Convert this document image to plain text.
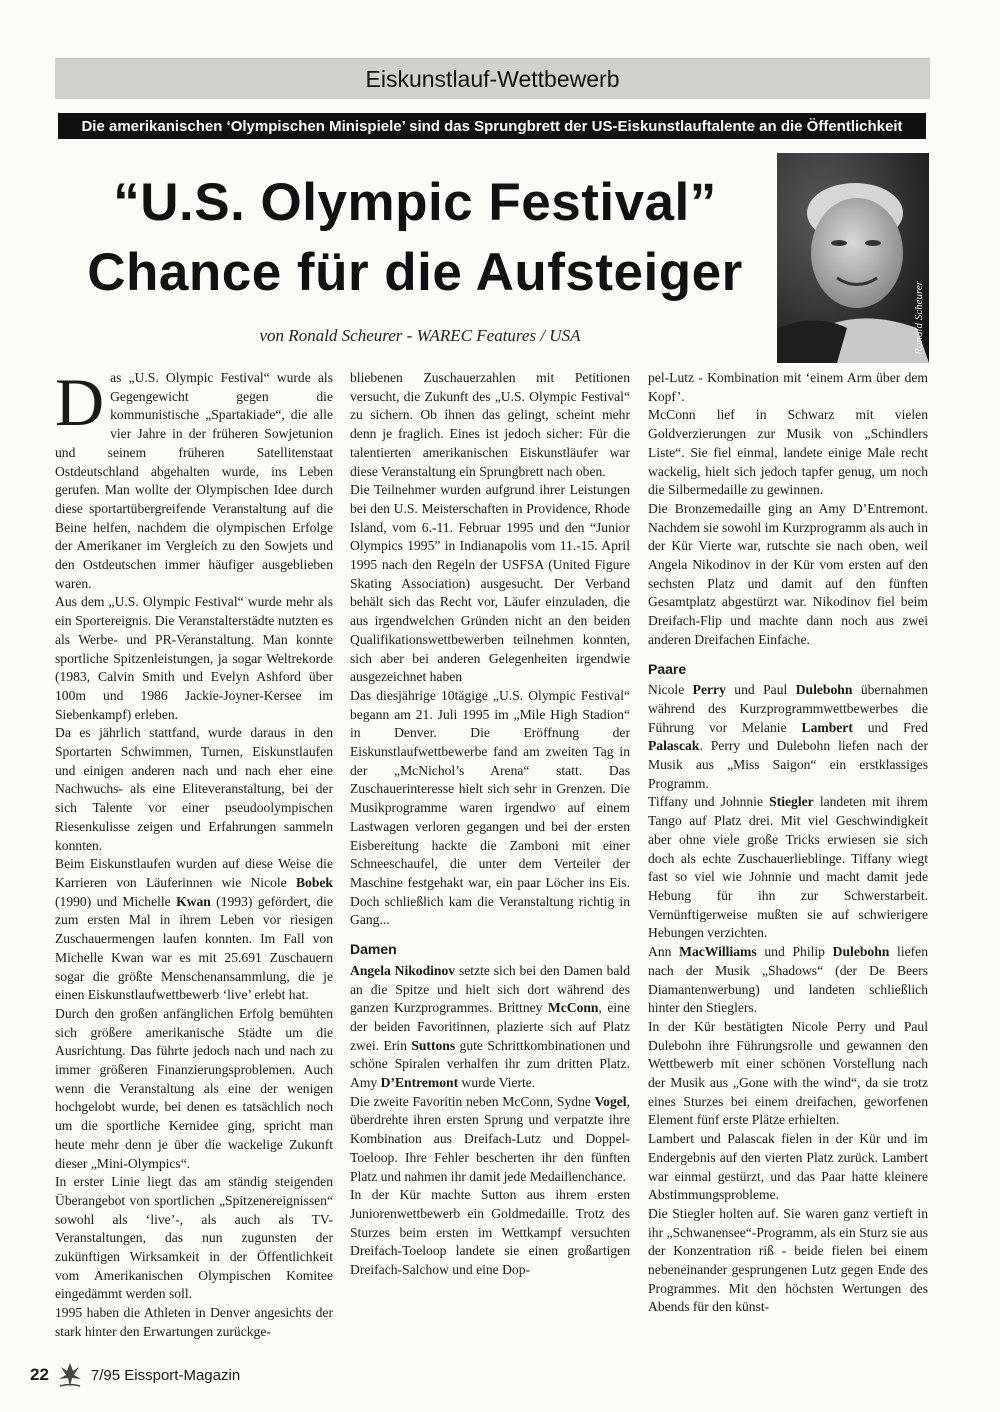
Eiskunstlauf-Wettbewerb
Die amerikanischen ‘Olympischen Minispiele’ sind das Sprungbrett der US-Eiskunstlauftalente an die Öffentlichkeit
“U.S. Olympic Festival”
Chance für die Aufsteiger
Ronald Scheurer
von Ronald Scheurer - WAREC Features / USA

Das „U.S. Olympic Festival“ wurde als Gegengewicht gegen die kommunistische „Spartakiade“, die alle vier Jahre in der früheren Sowjetunion und seinem früheren Satellitenstaat Ostdeutschland abgehalten wurde, ins Leben gerufen. Man wollte der Olympischen Idee durch diese sportartübergreifende Veranstaltung auf die Beine helfen, nachdem die olympischen Erfolge der Amerikaner im Vergleich zu den Sowjets und den Ostdeutschen immer häufiger ausgeblieben waren.

Aus dem „U.S. Olympic Festival“ wurde mehr als ein Sportereignis. Die Veranstalterstädte nutzten es als Werbe- und PR-Veranstaltung. Man konnte sportliche Spitzenleistungen, ja sogar Weltrekorde (1983, Calvin Smith und Evelyn Ashford über 100m und 1986 Jackie-Joyner-Kersee im Siebenkampf) erleben.

Da es jährlich stattfand, wurde daraus in den Sportarten Schwimmen, Turnen, Eiskunstlaufen und einigen anderen nach und nach eher eine Nachwuchs- als eine Eliteveranstaltung, bei der sich Talente vor einer pseudoolympischen Riesenkulisse zeigen und Erfahrungen sammeln konnten.

Beim Eiskunstlaufen wurden auf diese Weise die Karrieren von Läuferinnen wie Nicole Bobek (1990) und Michelle Kwan (1993) gefördert, die zum ersten Mal in ihrem Leben vor riesigen Zuschauermengen laufen konnten. Im Fall von Michelle Kwan war es mit 25.691 Zuschauern sogar die größte Menschenansammlung, die je einen Eiskunstlaufwettbewerb ‘live’ erlebt hat.

Durch den großen anfänglichen Erfolg bemühten sich größere amerikanische Städte um die Ausrichtung. Das führte jedoch nach und nach zu immer größeren Finanzierungsproblemen. Auch wenn die Veranstaltung als eine der wenigen hochgelobt wurde, bei denen es tatsächlich noch um die sportliche Kernidee ging, spricht man heute mehr denn je über die wackelige Zukunft dieser „Mini-Olympics“.

In erster Linie liegt das am ständig steigenden Überangebot von sportlichen „Spitzenereignissen“ sowohl als ‘live’-, als auch als TV-Veranstaltungen, das nun zugunsten der zukünftigen Wirksamkeit in der Öffentlichkeit vom Amerikanischen Olympischen Komitee eingedämmt werden soll.

1995 haben die Athleten in Denver angesichts der stark hinter den Erwartungen zurückge-

bliebenen Zuschauerzahlen mit Petitionen versucht, die Zukunft des „U.S. Olympic Festival“ zu sichern. Ob ihnen das gelingt, scheint mehr denn je fraglich. Eines ist jedoch sicher: Für die talentierten amerikanischen Eiskunstläufer war diese Veranstaltung ein Sprungbrett nach oben.

Die Teilnehmer wurden aufgrund ihrer Leistungen bei den U.S. Meisterschaften in Providence, Rhode Island, vom 6.-11. Februar 1995 und den “Junior Olympics 1995” in Indianapolis vom 11.-15. April 1995 nach den Regeln der USFSA (United Figure Skating Association) ausgesucht. Der Verband behält sich das Recht vor, Läufer einzuladen, die aus irgendwelchen Gründen nicht an den beiden Qualifikationswettbewerben teilnehmen konnten, sich aber bei anderen Gelegenheiten irgendwie ausgezeichnet haben

Das diesjährige 10tägige „U.S. Olympic Festival“ begann am 21. Juli 1995 im „Mile High Stadion“ in Denver. Die Eröffnung der Eiskunstlaufwettbewerbe fand am zweiten Tag in der „McNichol’s Arena“ statt. Das Zuschauerinteresse hielt sich sehr in Grenzen. Die Musikprogramme waren irgendwo auf einem Lastwagen verloren gegangen und bei der ersten Eisbereitung hackte die Zamboni mit einer Schneeschaufel, die unter dem Verteiler der Maschine festgehakt war, ein paar Löcher ins Eis. Doch schließlich kam die Veranstaltung richtig in Gang...

Damen

Angela Nikodinov setzte sich bei den Damen bald an die Spitze und hielt sich dort während des ganzen Kurzprogrammes. Brittney McConn, eine der beiden Favoritinnen, plazierte sich auf Platz zwei. Erin Suttons gute Schrittkombinationen und schöne Spiralen verhalfen ihr zum dritten Platz. Amy D’Entremont wurde Vierte.

Die zweite Favoritin neben McConn, Sydne Vogel, überdrehte ihren ersten Sprung und verpatzte ihre Kombination aus Dreifach-Lutz und Doppel-Toeloop. Ihre Fehler bescherten ihr den fünften Platz und nahmen ihr damit jede Medaillenchance.

In der Kür machte Sutton aus ihrem ersten Juniorenwettbewerb ein Goldmedaille. Trotz des Sturzes beim ersten im Wettkampf versuchten Dreifach-Toeloop landete sie einen großartigen Dreifach-Salchow und eine Dop-

pel-Lutz - Kombination mit ‘einem Arm über dem Kopf’.

McConn lief in Schwarz mit vielen Goldverzierungen zur Musik von „Schindlers Liste“. Sie fiel einmal, landete einige Male recht wackelig, hielt sich jedoch tapfer genug, um noch die Silbermedaille zu gewinnen.

Die Bronzemedaille ging an Amy D’Entremont. Nachdem sie sowohl im Kurzprogramm als auch in der Kür Vierte war, rutschte sie nach oben, weil Angela Nikodinov in der Kür vom ersten auf den sechsten Platz und damit auf den fünften Gesamtplatz abgestürzt war. Nikodinov fiel beim Dreifach-Flip und machte dann noch aus zwei anderen Dreifachen Einfache.

Paare

Nicole Perry und Paul Dulebohn übernahmen während des Kurzprogrammwettbewerbes die Führung vor Melanie Lambert und Fred Palascak. Perry und Dulebohn liefen nach der Musik aus „Miss Saigon“ ein erstklassiges Programm.

Tiffany und Johnnie Stiegler landeten mit ihrem Tango auf Platz drei. Mit viel Geschwindigkeit aber ohne viele große Tricks erwiesen sie sich doch als echte Zuschauerlieblinge. Tiffany wiegt fast so viel wie Johnnie und macht damit jede Hebung für ihn zur Schwerstarbeit. Vernünftigerweise mußten sie auf schwierigere Hebungen verzichten.

Ann MacWilliams und Philip Dulebohn liefen nach der Musik „Shadows“ (der De Beers Diamantenwerbung) und landeten schließlich hinter den Stieglers.

In der Kür bestätigten Nicole Perry und Paul Dulebohn ihre Führungsrolle und gewannen den Wettbewerb mit einer schönen Vorstellung nach der Musik aus „Gone with the wind“, da sie trotz eines Sturzes bei einem dreifachen, geworfenen Element fünf erste Plätze erhielten.

Lambert und Palascak fielen in der Kür und im Endergebnis auf den vierten Platz zurück. Lambert war einmal gestürzt, und das Paar hatte kleinere Abstimmungsprobleme.

Die Stiegler holten auf. Sie waren ganz vertieft in ihr „Schwanensee“-Programm, als ein Sturz sie aus der Konzentration riß - beide fielen bei einem nebeneinander gesprungenen Lutz gegen Ende des Programmes. Mit den höchsten Wertungen des Abends für den künst-

22	7/95 Eissport-Magazin
